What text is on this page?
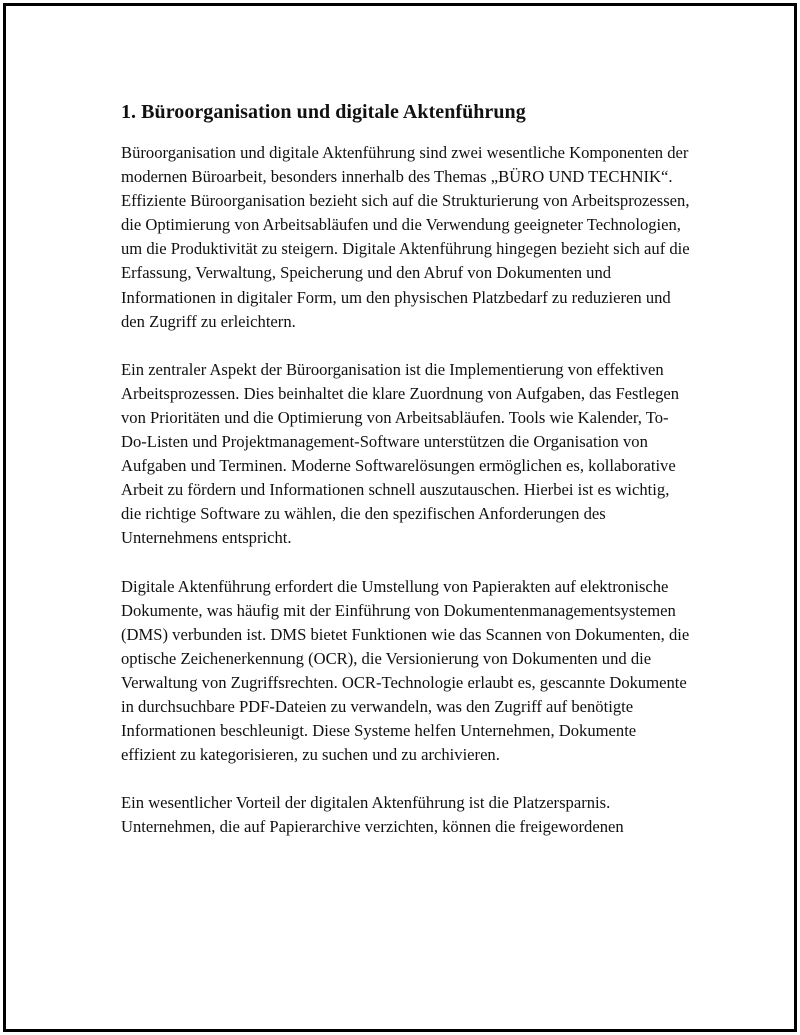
1. Büroorganisation und digitale Aktenführung

Büroorganisation und digitale Aktenführung sind zwei wesentliche Komponenten der modernen Büroarbeit, besonders innerhalb des Themas „BÜRO UND TECHNIK“. Effiziente Büroorganisation bezieht sich auf die Strukturierung von Arbeitsprozessen, die Optimierung von Arbeitsabläufen und die Verwendung geeigneter Technologien, um die Produktivität zu steigern. Digitale Aktenführung hingegen bezieht sich auf die Erfassung, Verwaltung, Speicherung und den Abruf von Dokumenten und Informationen in digitaler Form, um den physischen Platzbedarf zu reduzieren und den Zugriff zu erleichtern.

Ein zentraler Aspekt der Büroorganisation ist die Implementierung von effektiven Arbeitsprozessen. Dies beinhaltet die klare Zuordnung von Aufgaben, das Festlegen von Prioritäten und die Optimierung von Arbeitsabläufen. Tools wie Kalender, To-Do-Listen und Projektmanagement-Software unterstützen die Organisation von Aufgaben und Terminen. Moderne Softwarelösungen ermöglichen es, kollaborative Arbeit zu fördern und Informationen schnell auszutauschen. Hierbei ist es wichtig, die richtige Software zu wählen, die den spezifischen Anforderungen des Unternehmens entspricht.

Digitale Aktenführung erfordert die Umstellung von Papierakten auf elektronische Dokumente, was häufig mit der Einführung von Dokumentenmanagementsystemen (DMS) verbunden ist. DMS bietet Funktionen wie das Scannen von Dokumenten, die optische Zeichenerkennung (OCR), die Versionierung von Dokumenten und die Verwaltung von Zugriffsrechten. OCR-Technologie erlaubt es, gescannte Dokumente in durchsuchbare PDF-Dateien zu verwandeln, was den Zugriff auf benötigte Informationen beschleunigt. Diese Systeme helfen Unternehmen, Dokumente effizient zu kategorisieren, zu suchen und zu archivieren.

Ein wesentlicher Vorteil der digitalen Aktenführung ist die Platzersparnis. Unternehmen, die auf Papierarchive verzichten, können die freigewordenen
